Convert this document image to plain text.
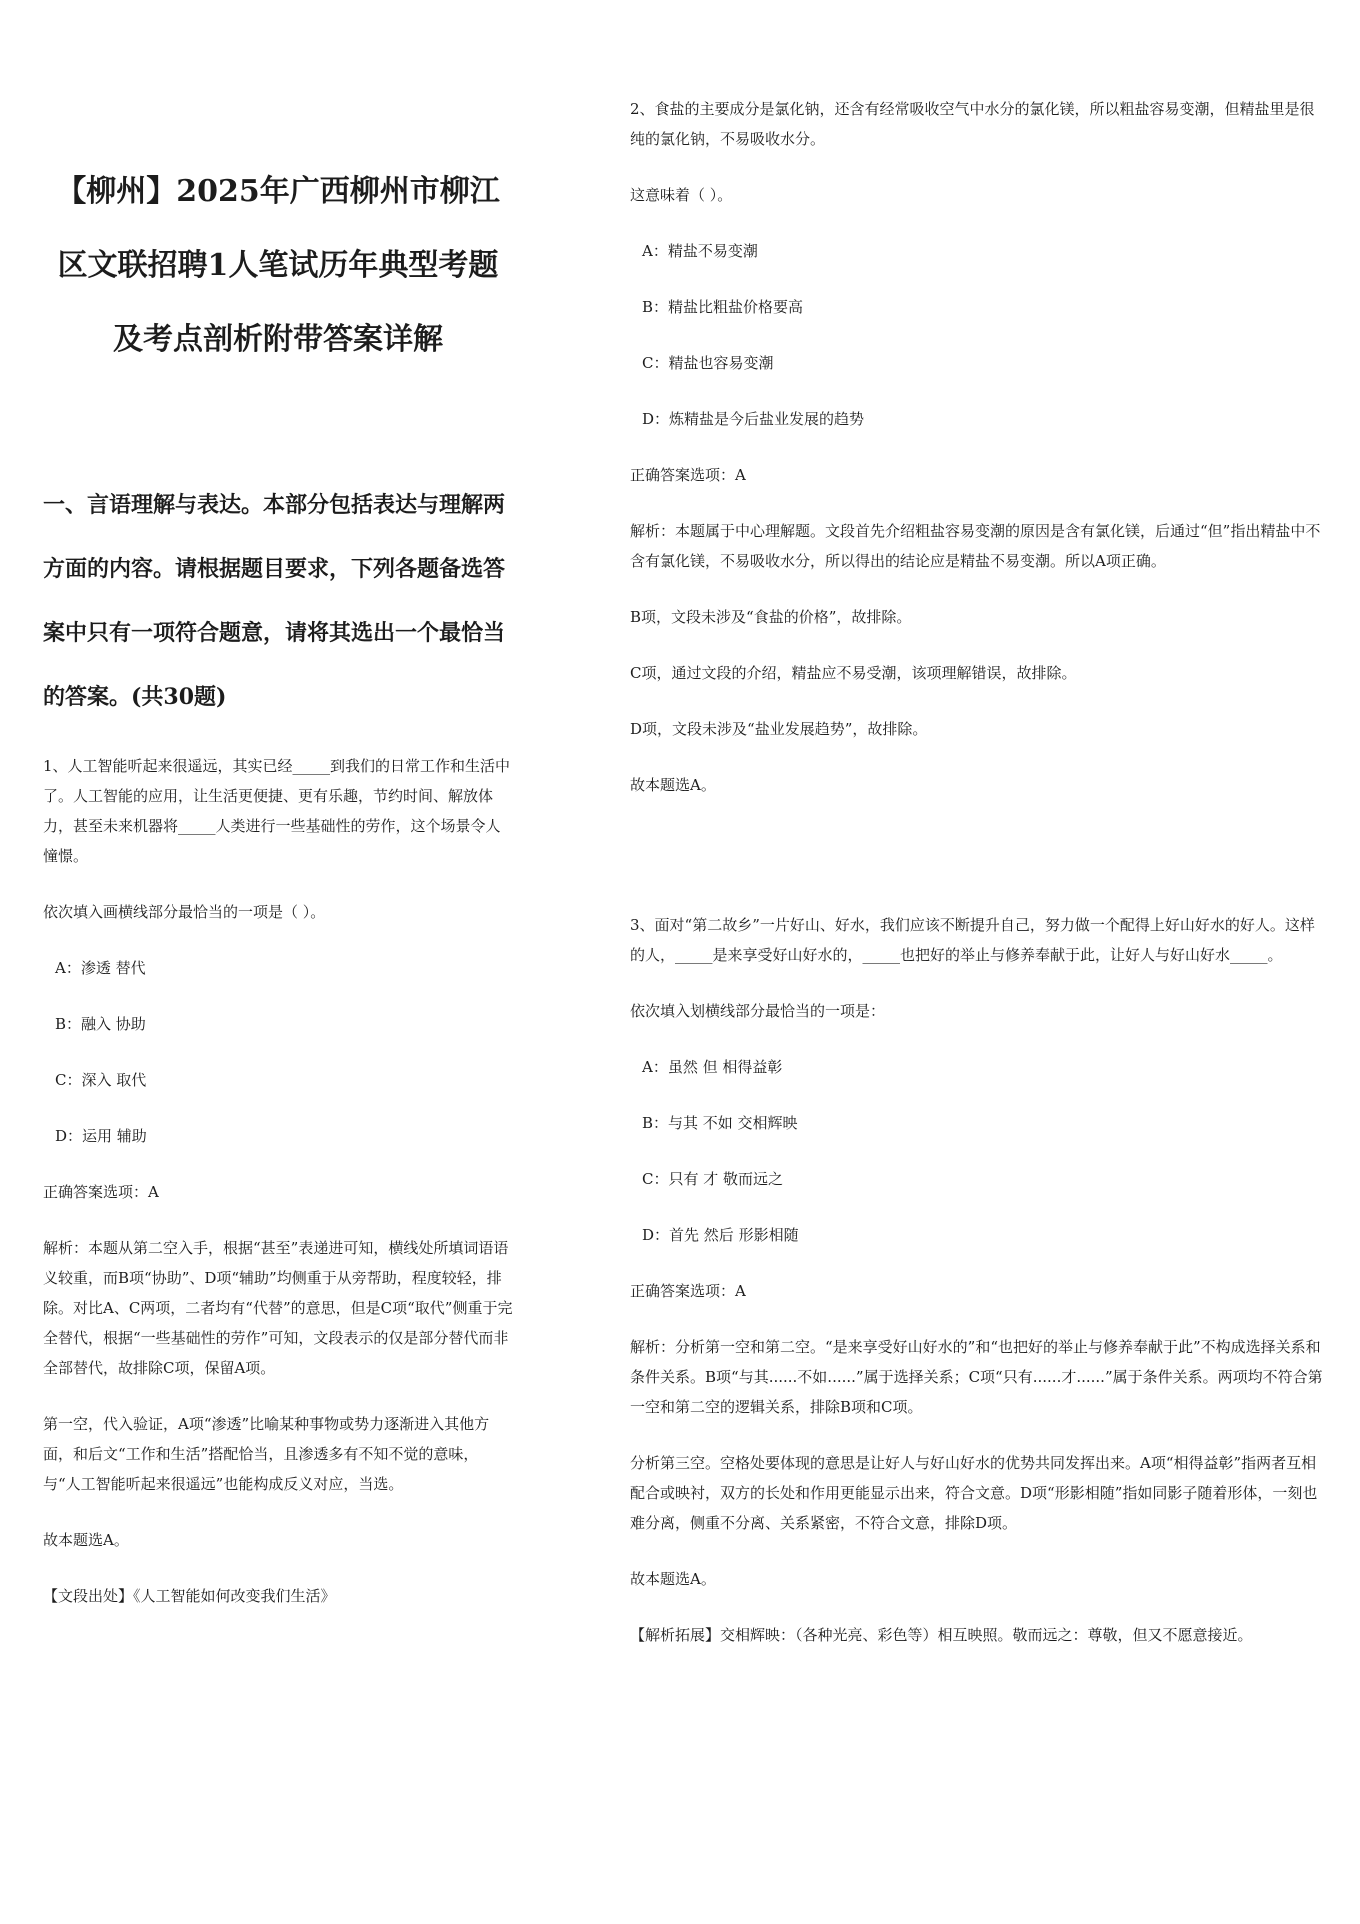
【柳州】2025年广西柳州市柳江区文联招聘1人笔试历年典型考题及考点剖析附带答案详解
一、言语理解与表达。本部分包括表达与理解两方面的内容。请根据题目要求，下列各题备选答案中只有一项符合题意，请将其选出一个最恰当的答案。(共30题)

1、人工智能听起来很遥远，其实已经_____到我们的日常工作和生活中了。人工智能的应用，让生活更便捷、更有乐趣，节约时间、解放体力，甚至未来机器将_____人类进行一些基础性的劳作，这个场景令人憧憬。

依次填入画横线部分最恰当的一项是（ ）。

A：渗透 替代

B：融入 协助

C：深入 取代

D：运用 辅助

正确答案选项：A

解析：本题从第二空入手，根据“甚至”表递进可知，横线处所填词语语义较重，而B项“协助”、D项“辅助”均侧重于从旁帮助，程度较轻，排除。对比A、C两项，二者均有“代替”的意思，但是C项“取代”侧重于完全替代，根据“一些基础性的劳作”可知，文段表示的仅是部分替代而非全部替代，故排除C项，保留A项。

第一空，代入验证，A项“渗透”比喻某种事物或势力逐渐进入其他方面，和后文“工作和生活”搭配恰当，且渗透多有不知不觉的意味，与“人工智能听起来很遥远”也能构成反义对应，当选。

故本题选A。

【文段出处】《人工智能如何改变我们生活》

2、食盐的主要成分是氯化钠，还含有经常吸收空气中水分的氯化镁，所以粗盐容易变潮，但精盐里是很纯的氯化钠，不易吸收水分。

这意味着（ ）。

A：精盐不易变潮

B：精盐比粗盐价格要高

C：精盐也容易变潮

D：炼精盐是今后盐业发展的趋势

正确答案选项：A

解析：本题属于中心理解题。文段首先介绍粗盐容易变潮的原因是含有氯化镁，后通过“但”指出精盐中不含有氯化镁，不易吸收水分，所以得出的结论应是精盐不易变潮。所以A项正确。

B项，文段未涉及“食盐的价格”，故排除。

C项，通过文段的介绍，精盐应不易受潮，该项理解错误，故排除。

D项，文段未涉及“盐业发展趋势”，故排除。

故本题选A。

3、面对“第二故乡”一片好山、好水，我们应该不断提升自己，努力做一个配得上好山好水的好人。这样的人，_____是来享受好山好水的，_____也把好的举止与修养奉献于此，让好人与好山好水_____。

依次填入划横线部分最恰当的一项是：

A：虽然 但 相得益彰

B：与其 不如 交相辉映

C：只有 才 敬而远之

D：首先 然后 形影相随

正确答案选项：A

解析：分析第一空和第二空。“是来享受好山好水的”和“也把好的举止与修养奉献于此”不构成选择关系和条件关系。B项“与其......不如......”属于选择关系；C项“只有......才......”属于条件关系。两项均不符合第一空和第二空的逻辑关系，排除B项和C项。

分析第三空。空格处要体现的意思是让好人与好山好水的优势共同发挥出来。A项“相得益彰”指两者互相配合或映衬，双方的长处和作用更能显示出来，符合文意。D项“形影相随”指如同影子随着形体，一刻也难分离，侧重不分离、关系紧密，不符合文意，排除D项。

故本题选A。

【解析拓展】交相辉映：（各种光亮、彩色等）相互映照。敬而远之：尊敬，但又不愿意接近。
